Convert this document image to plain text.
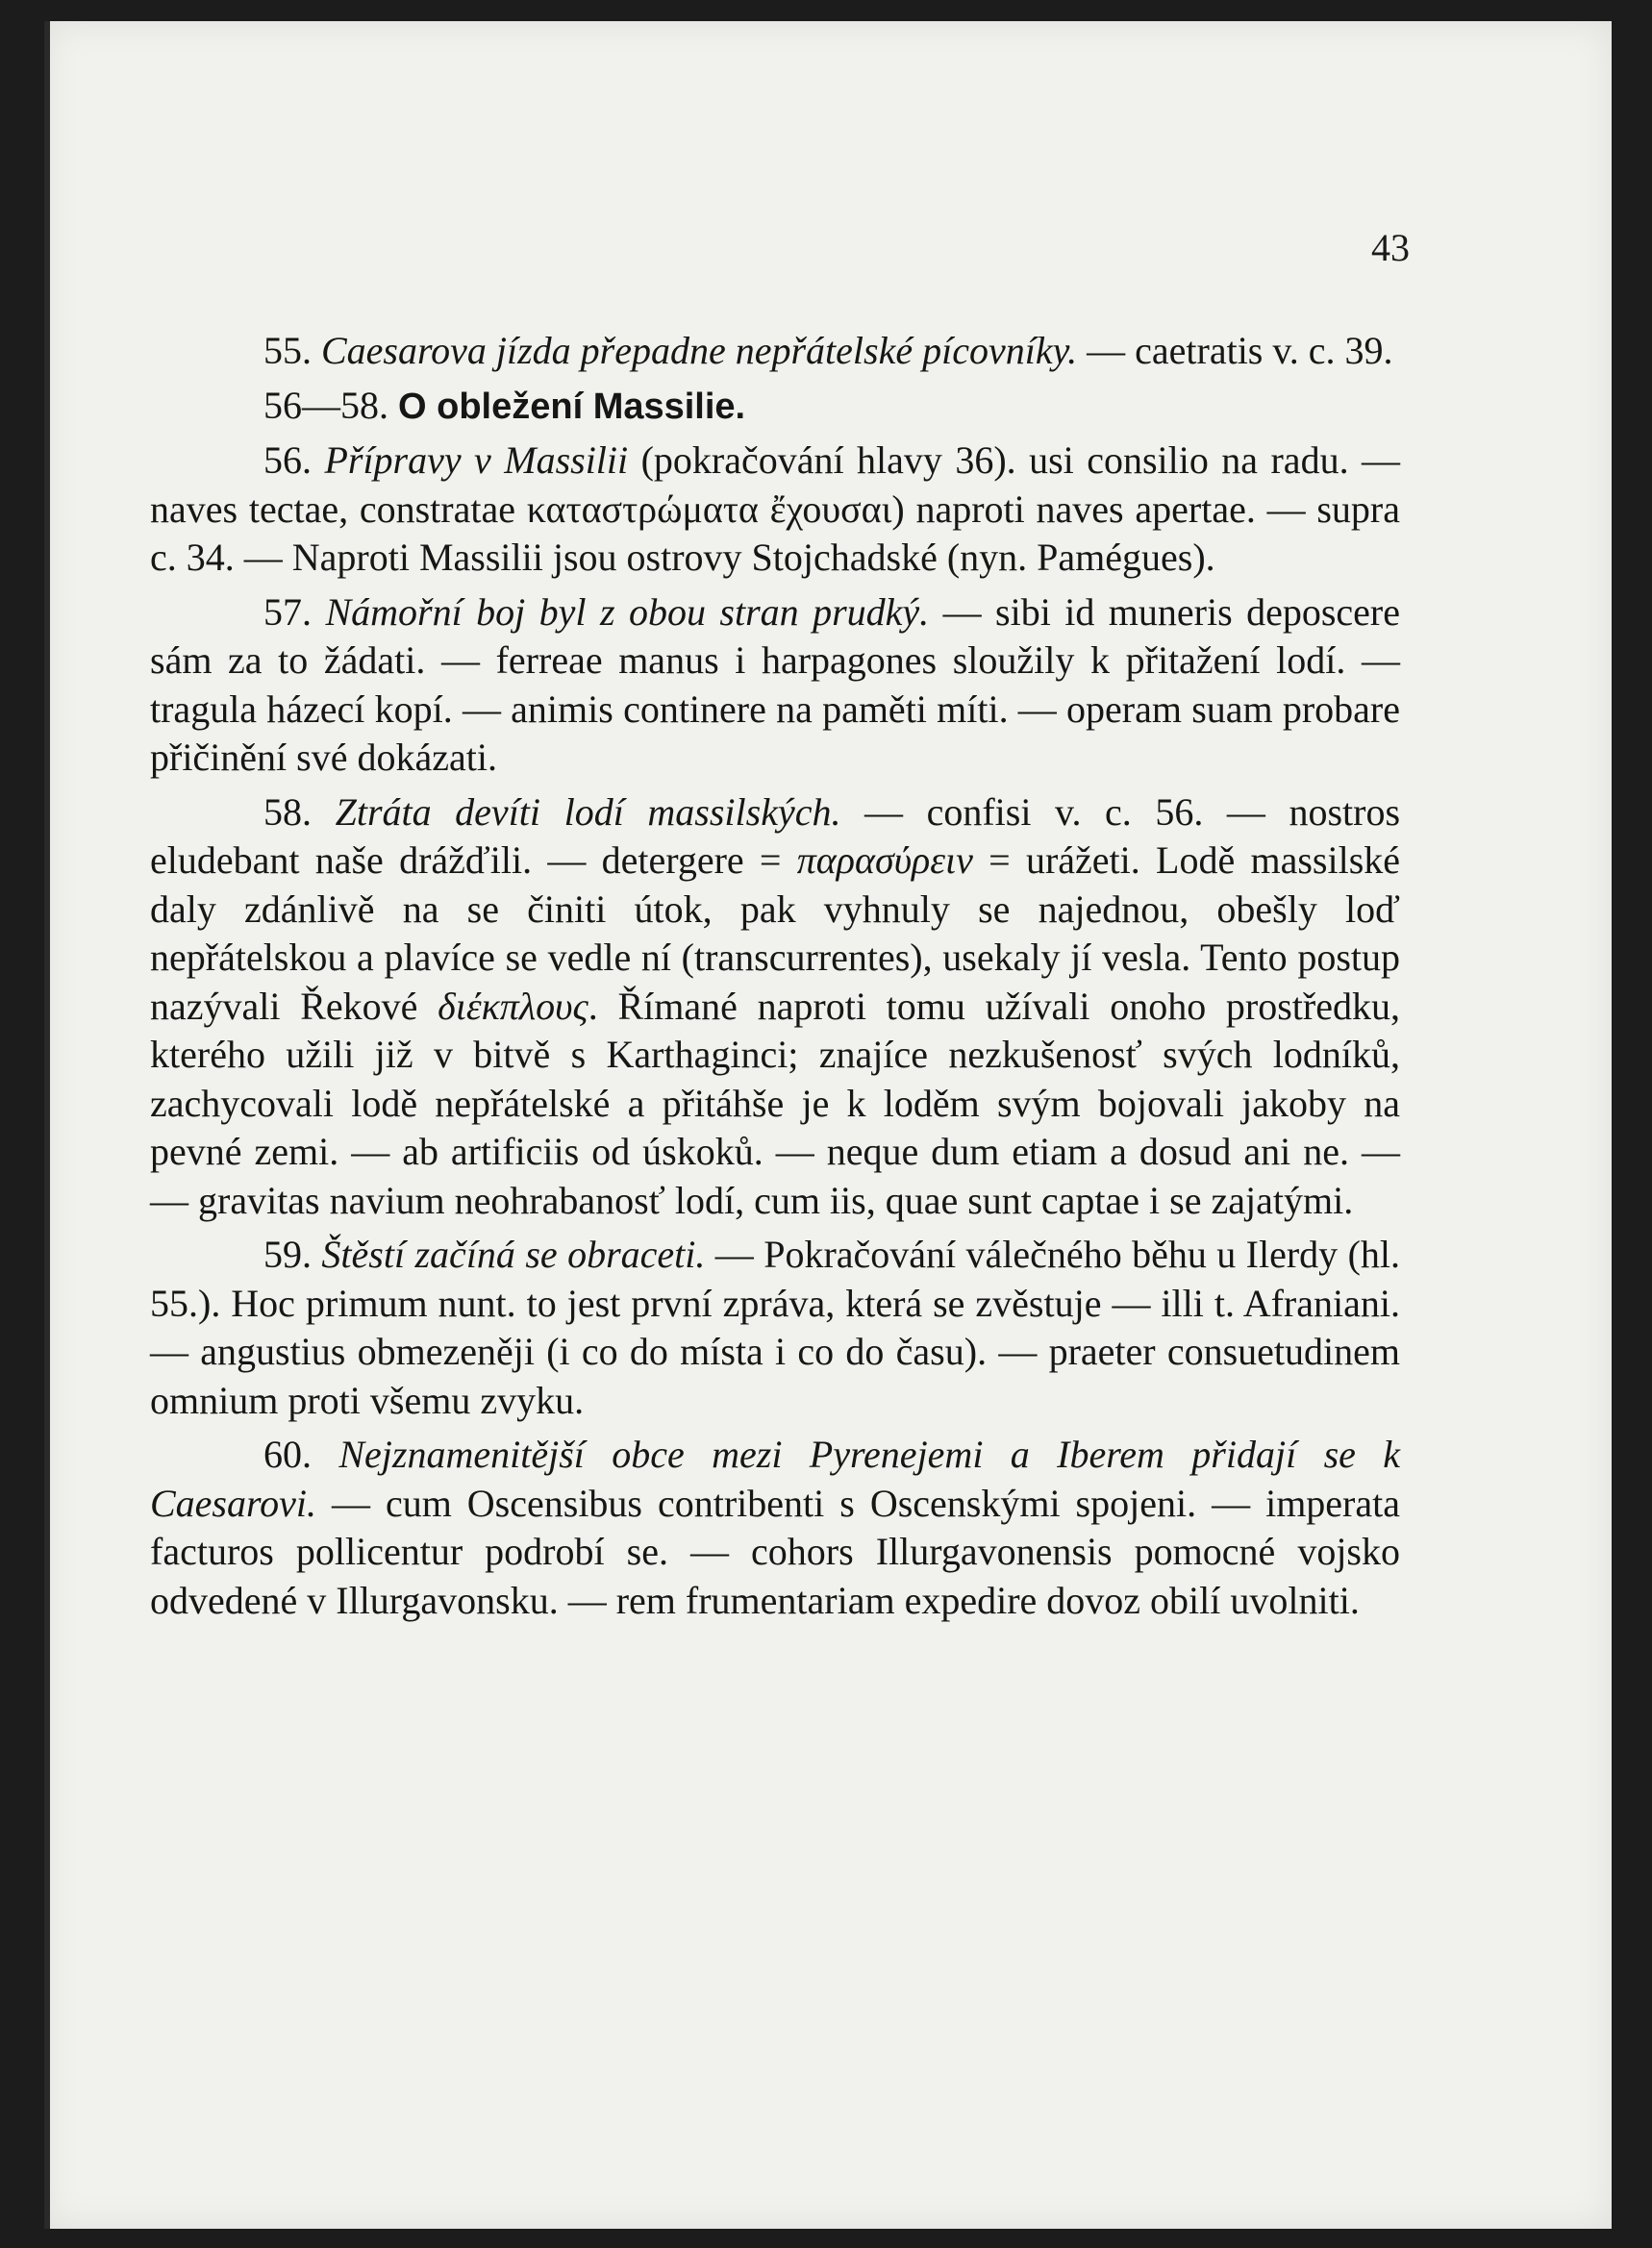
43

55. Caesarova jízda přepadne nepřátelské pícovníky. — caetratis v. c. 39.

56—58. O obležení Massilie.

56. Přípravy v Massilii (pokračování hlavy 36). usi consilio na radu. — naves tectae, constratae καταστρώματα ἔχουσαι) naproti naves apertae. — supra c. 34. — Naproti Massilii jsou ostrovy Stojchadské (nyn. Pamégues).

57. Námořní boj byl z obou stran prudký. — sibi id muneris deposcere sám za to žádati. — ferreae manus i harpagones sloužily k přitažení lodí. — tragula házecí kopí. — animis continere na paměti míti. — operam suam probare přičinění své dokázati.

58. Ztráta devíti lodí massilských. — confisi v. c. 56. — nostros eludebant naše drážďili. — detergere = παρασύρειν = urážeti. Lodě massilské daly zdánlivě na se činiti útok, pak vyhnuly se najednou, obešly loď nepřátelskou a plavíce se vedle ní (transcurrentes), usekaly jí vesla. Tento postup nazývali Řekové διέκπλους. Římané naproti tomu užívali onoho prostředku, kterého užili již v bitvě s Karthaginci; znajíce nezkušenosť svých lodníků, zachycovali lodě nepřátelské a přitáhše je k loděm svým bojovali jakoby na pevné zemi. — ab artificiis od úskoků. — neque dum etiam a dosud ani ne. — — gravitas navium neohrabanosť lodí, cum iis, quae sunt captae i se zajatými.

59. Štěstí začíná se obraceti. — Pokračování válečného běhu u Ilerdy (hl. 55.). Hoc primum nunt. to jest první zpráva, která se zvěstuje — illi t. Afraniani. — angustius obmezeněji (i co do místa i co do času). — praeter consuetudinem omnium proti všemu zvyku.

60. Nejznamenitější obce mezi Pyrenejemi a Iberem přidají se k Caesarovi. — cum Oscensibus contribenti s Oscenskými spojeni. — imperata facturos pollicentur podrobí se. — cohors Illurgavonensis pomocné vojsko odvedené v Illurgavonsku. — rem frumentariam expedire dovoz obilí uvolniti.
